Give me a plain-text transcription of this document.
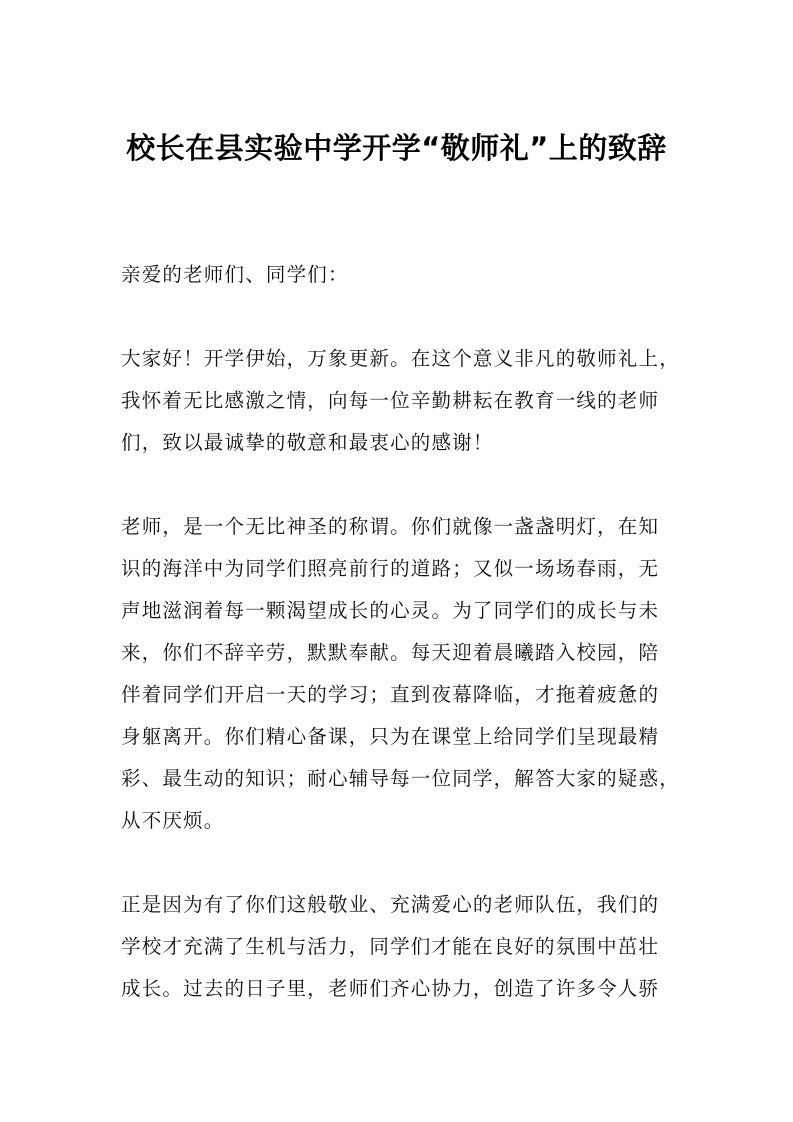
校长在县实验中学开学“敬师礼”上的致辞
亲爱的老师们、同学们：
大家好！开学伊始，万象更新。在这个意义非凡的敬师礼上，
我怀着无比感激之情，向每一位辛勤耕耘在教育一线的老师
们，致以最诚挚的敬意和最衷心的感谢！
老师，是一个无比神圣的称谓。你们就像一盏盏明灯，在知
识的海洋中为同学们照亮前行的道路；又似一场场春雨，无
声地滋润着每一颗渴望成长的心灵。为了同学们的成长与未
来，你们不辞辛劳，默默奉献。每天迎着晨曦踏入校园，陪
伴着同学们开启一天的学习；直到夜幕降临，才拖着疲惫的
身躯离开。你们精心备课，只为在课堂上给同学们呈现最精
彩、最生动的知识；耐心辅导每一位同学，解答大家的疑惑，
从不厌烦。
正是因为有了你们这般敬业、充满爱心的老师队伍，我们的
学校才充满了生机与活力，同学们才能在良好的氛围中茁壮
成长。过去的日子里，老师们齐心协力，创造了许多令人骄
